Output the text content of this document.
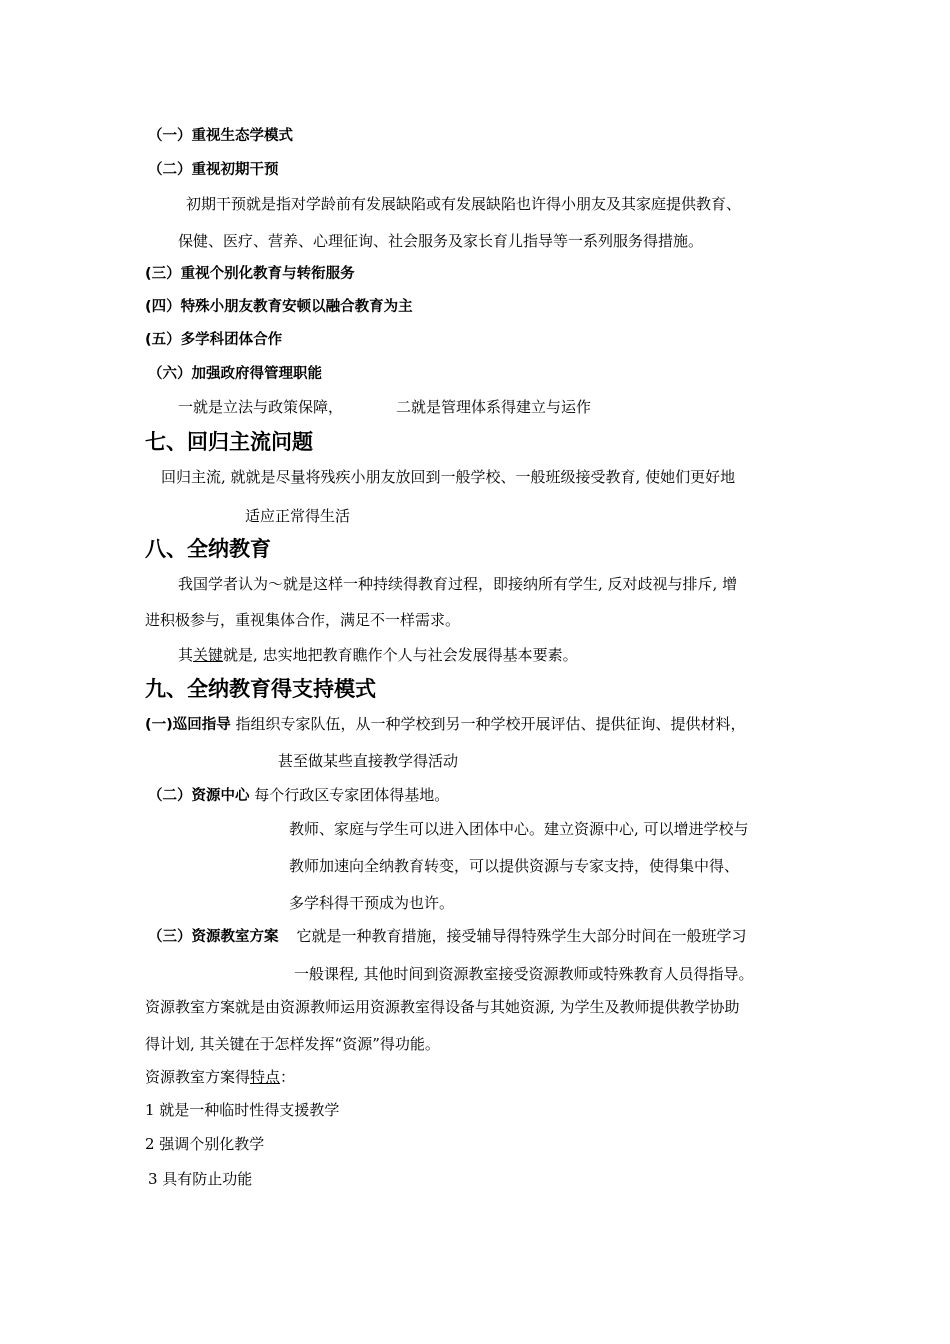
（一）重视生态学模式
（二）重视初期干预
初期干预就是指对学龄前有发展缺陷或有发展缺陷也许得小朋友及其家庭提供教育、
保健、医疗、营养、心理征询、社会服务及家长育儿指导等一系列服务得措施。
(三）重视个别化教育与转衔服务
(四）特殊小朋友教育安顿以融合教育为主
(五）多学科团体合作
（六）加强政府得管理职能
一就是立法与政策保障，	二就是管理体系得建立与运作
七、回归主流问题
回归主流, 就就是尽量将残疾小朋友放回到一般学校、一般班级接受教育, 使她们更好地
适应正常得生活
八、全纳教育
我国学者认为～就是这样一种持续得教育过程，即接纳所有学生, 反对歧视与排斥, 增
进积极参与，重视集体合作，满足不一样需求。
其关键就是, 忠实地把教育瞧作个人与社会发展得基本要素。
九、全纳教育得支持模式
(一)巡回指导 指组织专家队伍，从一种学校到另一种学校开展评估、提供征询、提供材料，
甚至做某些直接教学得活动
（二）资源中心 每个行政区专家团体得基地。
教师、家庭与学生可以进入团体中心。建立资源中心, 可以增进学校与
教师加速向全纳教育转变，可以提供资源与专家支持，使得集中得、
多学科得干预成为也许。
（三）资源教室方案 它就是一种教育措施，接受辅导得特殊学生大部分时间在一般班学习
一般课程, 其他时间到资源教室接受资源教师或特殊教育人员得指导。
资源教室方案就是由资源教师运用资源教室得设备与其她资源, 为学生及教师提供教学协助
得计划, 其关键在于怎样发挥“资源”得功能。
资源教室方案得特点：
1 就是一种临时性得支援教学
2 强调个别化教学
3 具有防止功能
